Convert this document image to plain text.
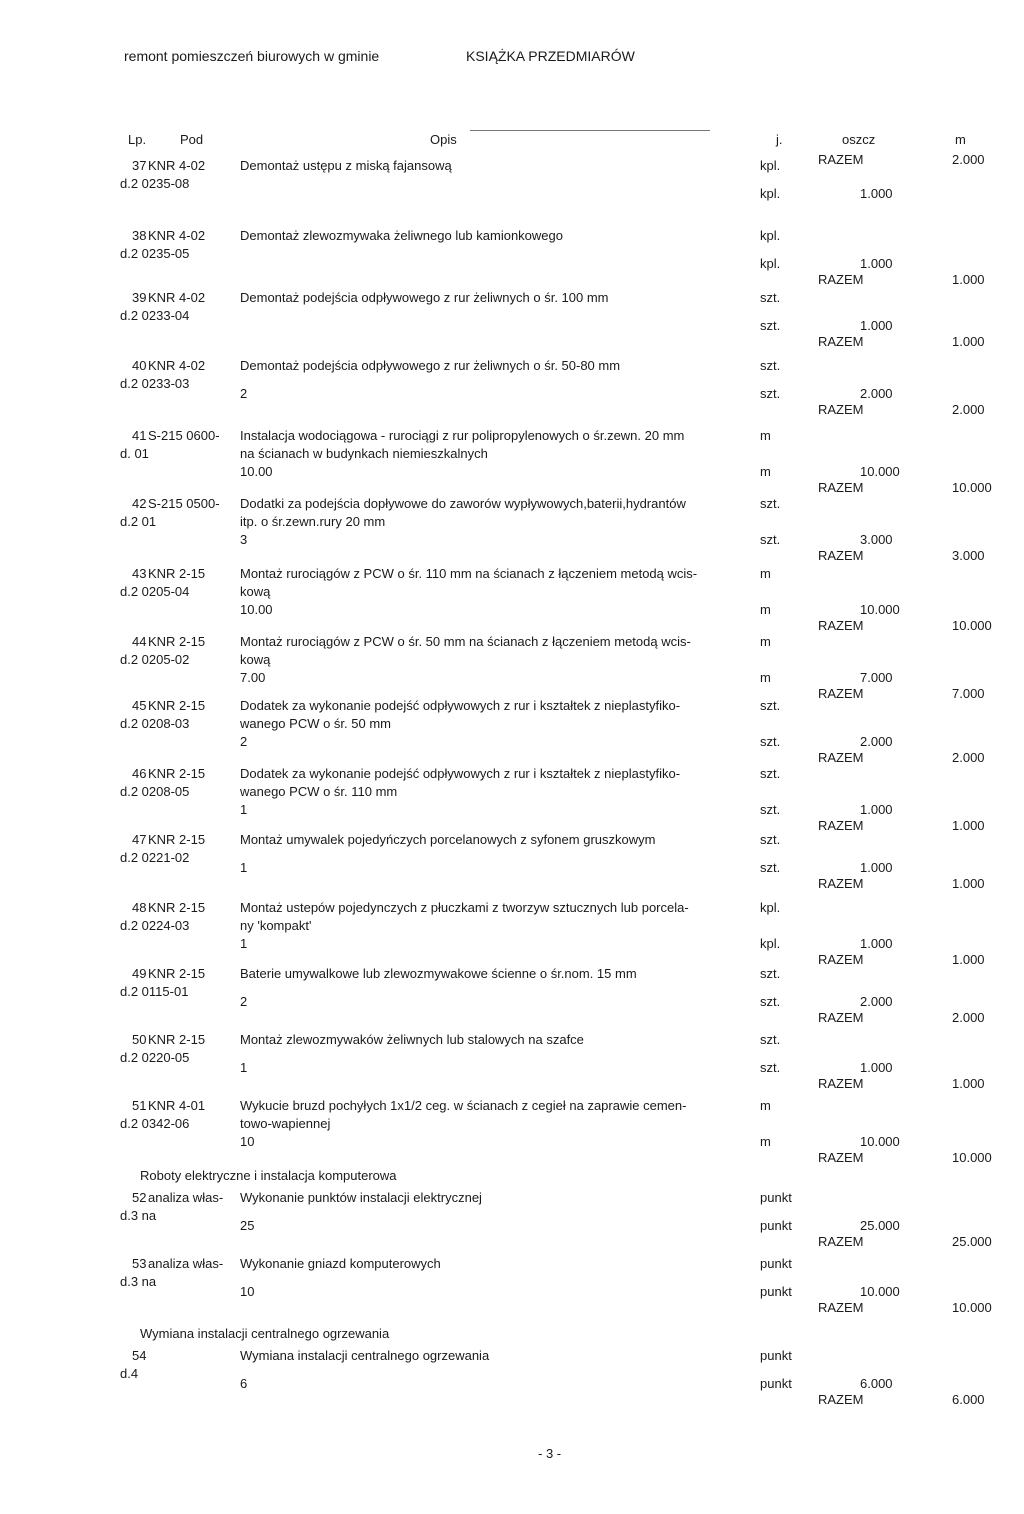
remont pomieszczeń biurowych w gminie	KSIĄŻKA PRZEDMIARÓW
Lp.	Pod	Opis	j.	oszcz	m
37 KNR 4-02
d.2 0235-08
Demontaż ustępu z miską fajansową	kpl.
kpl.	1.000
RAZEM	2.000
38 KNR 4-02
d.2 0235-05
Demontaż zlewozmywaka żeliwnego lub kamionkowego	kpl.
kpl.	1.000
RAZEM	1.000
39 KNR 4-02
d.2 0233-04
Demontaż podejścia odpływowego z rur żeliwnych o śr. 100 mm	szt.
szt.	1.000
RAZEM	1.000
40 KNR 4-02
d.2 0233-03
Demontaż podejścia odpływowego z rur żeliwnych o śr. 50-80 mm	szt.
2	szt.	2.000
RAZEM	2.000
41 S-215 0600-
d. 01
Instalacja wodociągowa - rurociągi z rur polipropylenowych o śr.zewn. 20 mm
na ścianach w budynkach niemieszkalnych
m
10.00	m	10.000
RAZEM	10.000
42 S-215 0500-
d.2 01
Dodatki za podejścia dopływowe do zaworów wypływowych,baterii,hydrantów
itp. o śr.zewn.rury 20 mm
szt.
3	szt.	3.000
RAZEM	3.000
43 KNR 2-15
d.2 0205-04
Montaż rurociągów z PCW o śr. 110 mm na ścianach z łączeniem metodą wcis-
kową
m
10.00	m	10.000
RAZEM	10.000
44 KNR 2-15
d.2 0205-02
Montaż rurociągów z PCW o śr. 50 mm na ścianach z łączeniem metodą wcis-
kową
m
7.00	m	7.000
RAZEM	7.000
45 KNR 2-15
d.2 0208-03
Dodatek za wykonanie podejść odpływowych z rur i kształtek z nieplastyfiko-
wanego PCW o śr. 50 mm
szt.
2	szt.	2.000
RAZEM	2.000
46 KNR 2-15
d.2 0208-05
Dodatek za wykonanie podejść odpływowych z rur i kształtek z nieplastyfiko-
wanego PCW o śr. 110 mm
szt.
1	szt.	1.000
RAZEM	1.000
47 KNR 2-15
d.2 0221-02
Montaż umywalek pojedyńczych porcelanowych z syfonem gruszkowym	szt.
1	szt.	1.000
RAZEM	1.000
48 KNR 2-15
d.2 0224-03
Montaż ustepów pojedynczych z płuczkami z tworzyw sztucznych lub porcela-
ny 'kompakt'
kpl.
1	kpl.	1.000
RAZEM	1.000
49 KNR 2-15
d.2 0115-01
Baterie umywalkowe lub zlewozmywakowe ścienne o śr.nom. 15 mm	szt.
2	szt.	2.000
RAZEM	2.000
50 KNR 2-15
d.2 0220-05
Montaż zlewozmywaków żeliwnych lub stalowych na szafce	szt.
1	szt.	1.000
RAZEM	1.000
51 KNR 4-01
d.2 0342-06
Wykucie bruzd pochyłych 1x1/2 ceg. w ścianach z cegieł na zaprawie cemen-
towo-wapiennej
m
10	m	10.000
RAZEM	10.000
Roboty elektryczne i instalacja komputerowa
52 analiza włas-
d.3 na
Wykonanie punktów instalacji elektrycznej	punkt
25	punkt	25.000
RAZEM	25.000
53 analiza włas-
d.3 na
Wykonanie gniazd komputerowych	punkt
10	punkt	10.000
RAZEM	10.000
Wymiana instalacji centralnego ogrzewania
54
d.4
Wymiana instalacji centralnego ogrzewania	punkt
6	punkt	6.000
RAZEM	6.000
- 3 -
